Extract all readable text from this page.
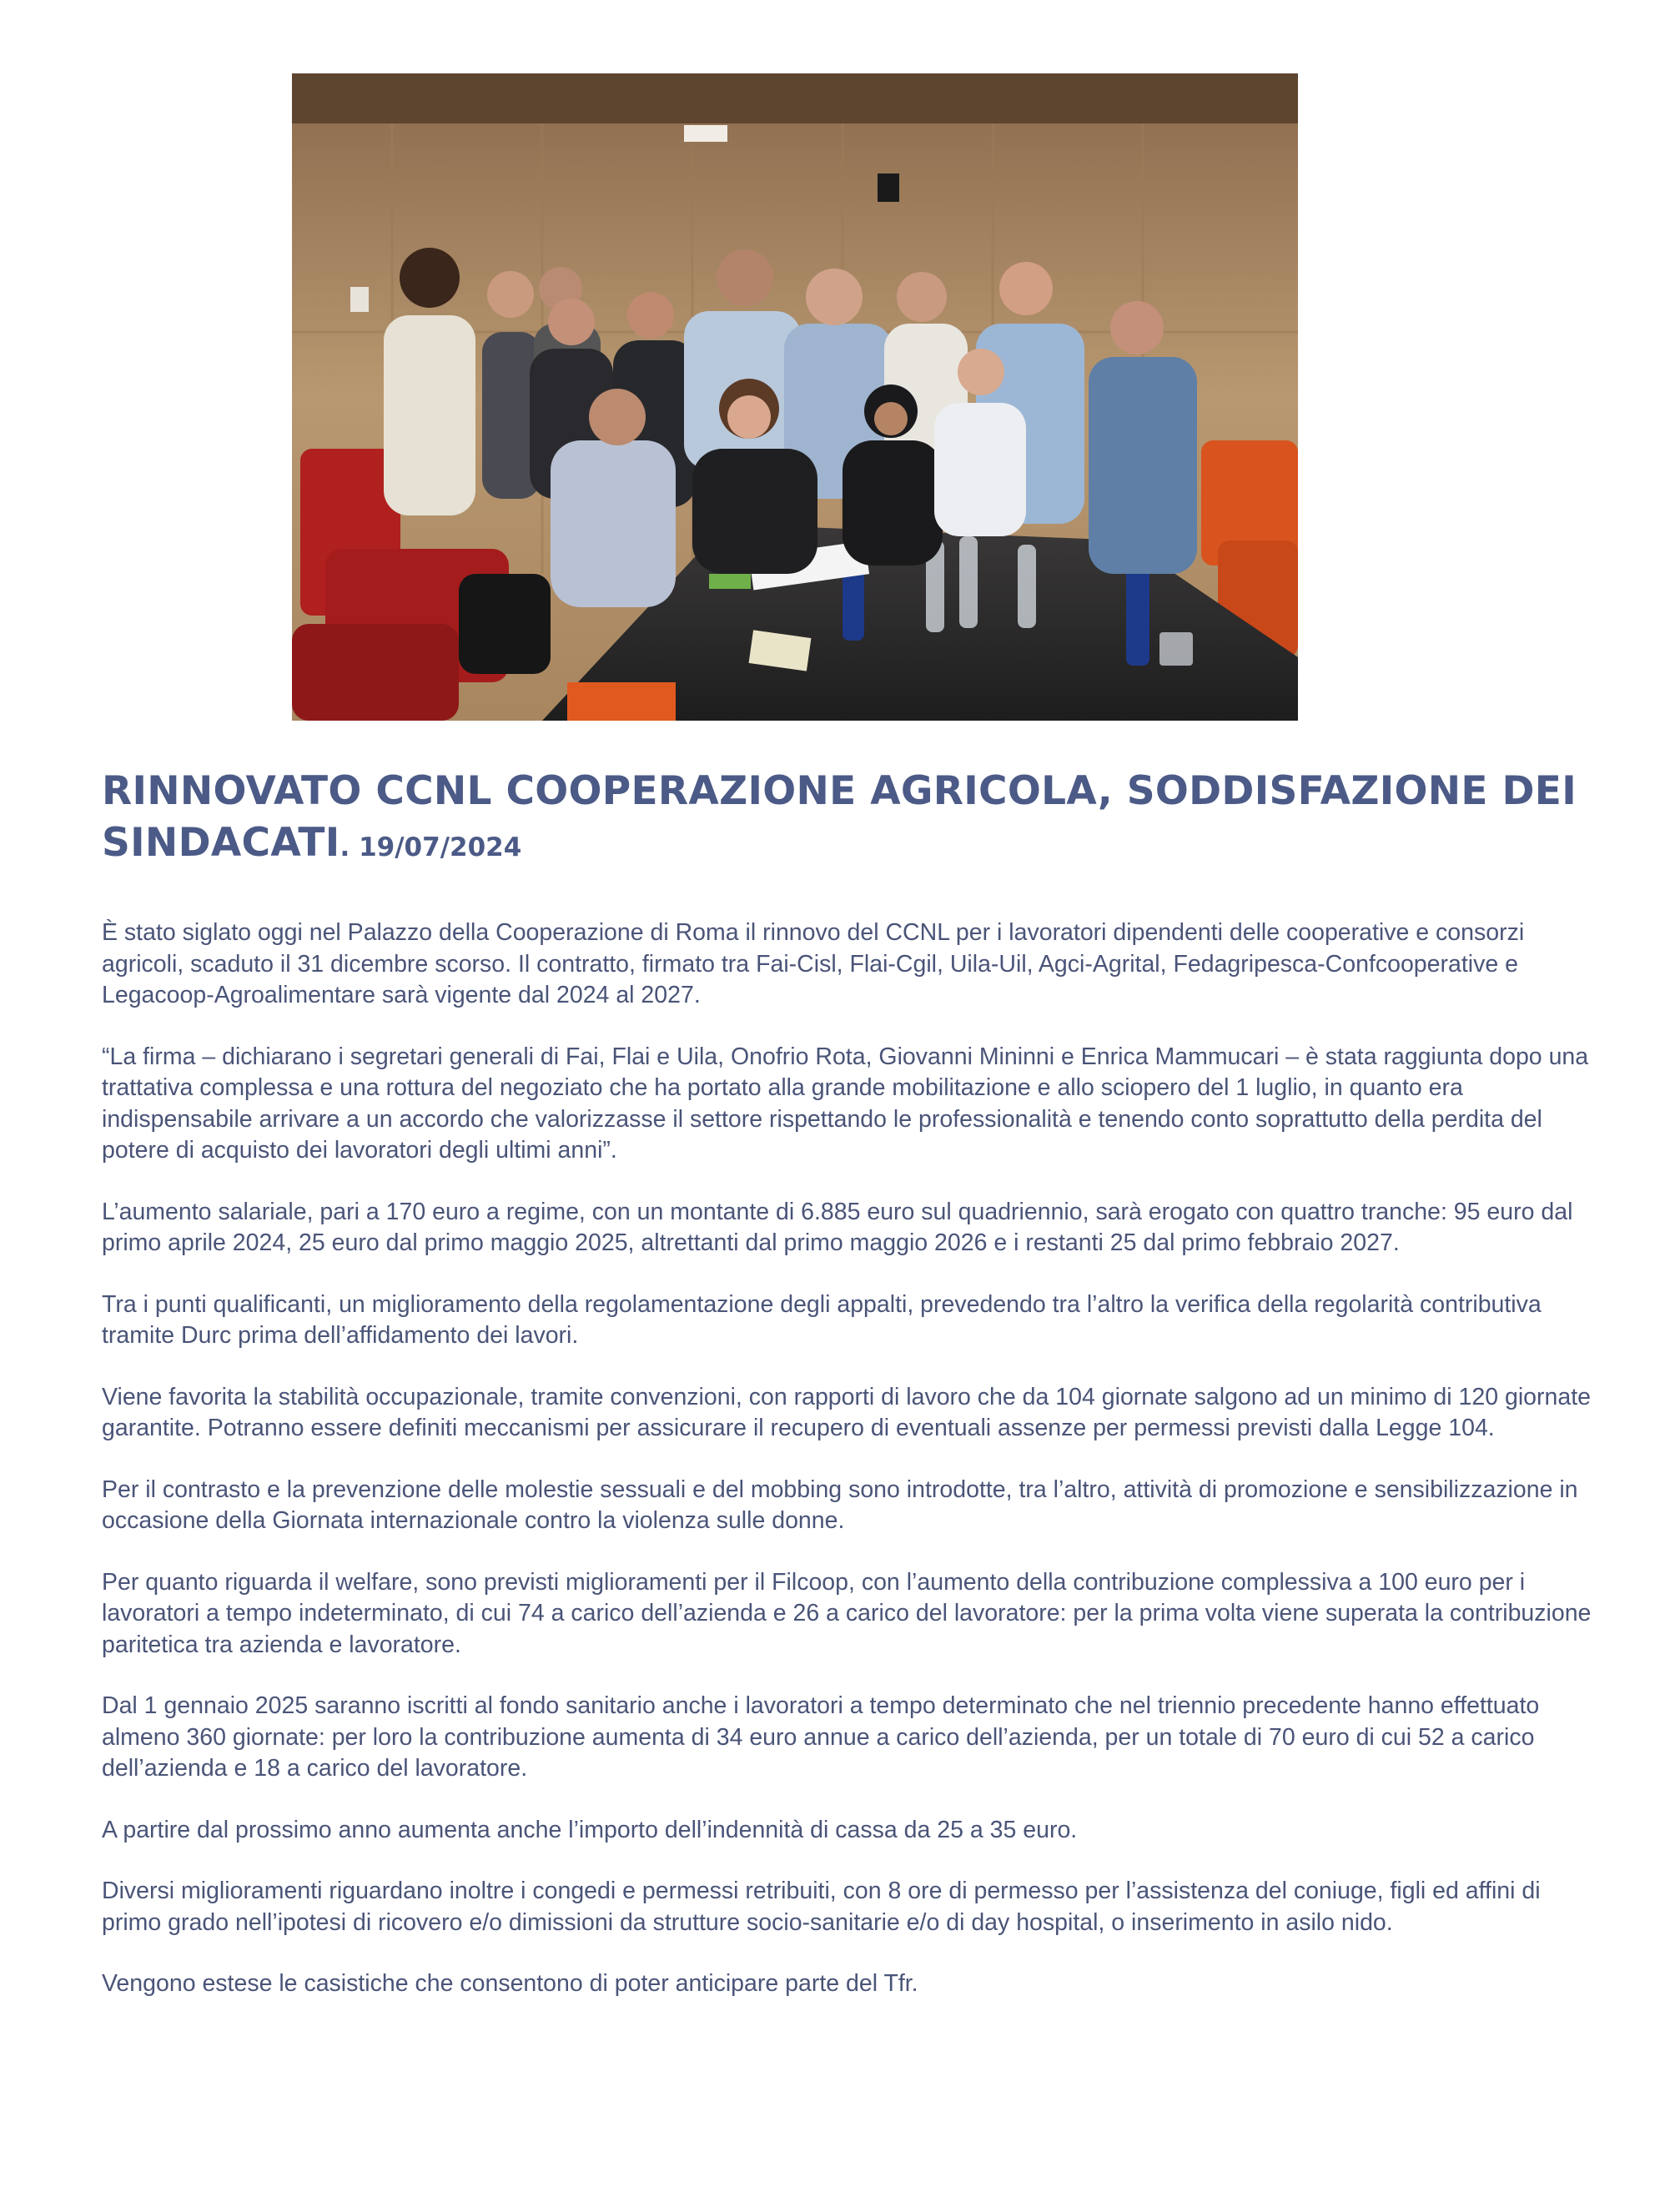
RINNOVATO CCNL COOPERAZIONE AGRICOLA, SODDISFAZIONE DEI SINDACATI. 19/07/2024

È stato siglato oggi nel Palazzo della Cooperazione di Roma il rinnovo del CCNL per i lavoratori dipendenti delle cooperative e consorzi agricoli, scaduto il 31 dicembre scorso. Il contratto, firmato tra Fai-Cisl, Flai-Cgil, Uila-Uil, Agci-Agrital, Fedagripesca-Confcooperative e Legacoop-Agroalimentare sarà vigente dal 2024 al 2027.

“La firma – dichiarano i segretari generali di Fai, Flai e Uila, Onofrio Rota, Giovanni Mininni e Enrica Mammucari – è stata raggiunta dopo una trattativa complessa e una rottura del negoziato che ha portato alla grande mobilitazione e allo sciopero del 1 luglio, in quanto era indispensabile arrivare a un accordo che valorizzasse il settore rispettando le professionalità e tenendo conto soprattutto della perdita del potere di acquisto dei lavoratori degli ultimi anni”.

L’aumento salariale, pari a 170 euro a regime, con un montante di 6.885 euro sul quadriennio, sarà erogato con quattro tranche: 95 euro dal primo aprile 2024, 25 euro dal primo maggio 2025, altrettanti dal primo maggio 2026 e i restanti 25 dal primo febbraio 2027.

Tra i punti qualificanti, un miglioramento della regolamentazione degli appalti, prevedendo tra l’altro la verifica della regolarità contributiva tramite Durc prima dell’affidamento dei lavori.

Viene favorita la stabilità occupazionale, tramite convenzioni, con rapporti di lavoro che da 104 giornate salgono ad un minimo di 120 giornate garantite. Potranno essere definiti meccanismi per assicurare il recupero di eventuali assenze per permessi previsti dalla Legge 104.

Per il contrasto e la prevenzione delle molestie sessuali e del mobbing sono introdotte, tra l’altro, attività di promozione e sensibilizzazione in occasione della Giornata internazionale contro la violenza sulle donne.

Per quanto riguarda il welfare, sono previsti miglioramenti per il Filcoop, con l’aumento della contribuzione complessiva a 100 euro per i lavoratori a tempo indeterminato, di cui 74 a carico dell’azienda e 26 a carico del lavoratore: per la prima volta viene superata la contribuzione paritetica tra azienda e lavoratore.

Dal 1 gennaio 2025 saranno iscritti al fondo sanitario anche i lavoratori a tempo determinato che nel triennio precedente hanno effettuato almeno 360 giornate: per loro la contribuzione aumenta di 34 euro annue a carico dell’azienda, per un totale di 70 euro di cui 52 a carico dell’azienda e 18 a carico del lavoratore.

A partire dal prossimo anno aumenta anche l’importo dell’indennità di cassa da 25 a 35 euro.

Diversi miglioramenti riguardano inoltre i congedi e permessi retribuiti, con 8 ore di permesso per l’assistenza del coniuge, figli ed affini di primo grado nell’ipotesi di ricovero e/o dimissioni da strutture socio-sanitarie e/o di day hospital, o inserimento in asilo nido.

Vengono estese le casistiche che consentono di poter anticipare parte del Tfr.
